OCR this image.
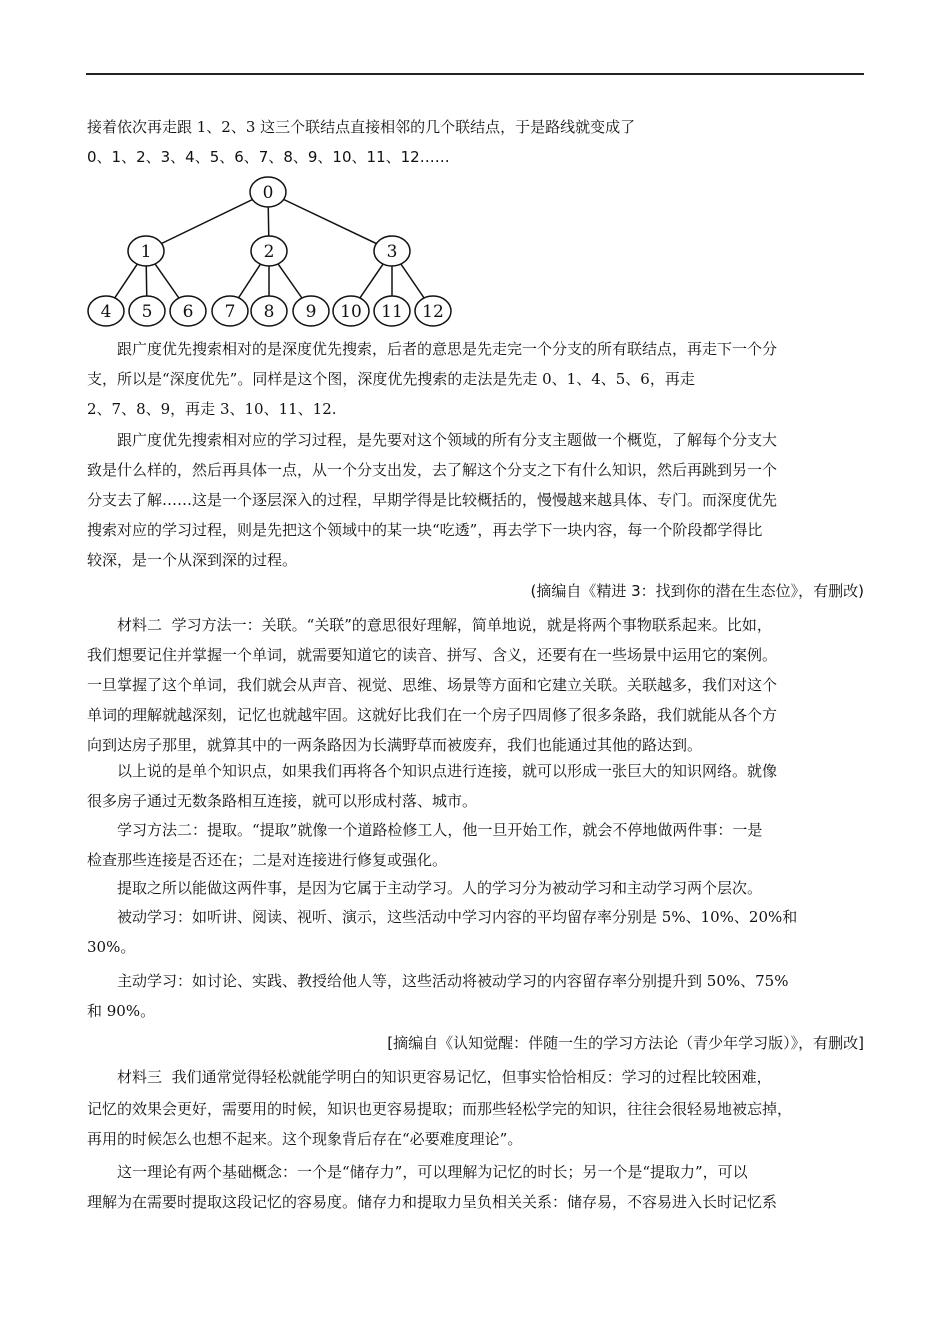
接着依次再走跟 1、2、3 这三个联结点直接相邻的几个联结点，于是路线就变成了

0、1、2、3、4、5、6、7、8、9、10、11、12……

0
1	2	3
4 5 6 7 8 9 10 11 12

跟广度优先搜索相对的是深度优先搜索，后者的意思是先走完一个分支的所有联结点，再走下一个分

支，所以是“深度优先”。同样是这个图，深度优先搜索的走法是先走 0、1、4、5、6，再走

2、7、8、9，再走 3、10、11、12.

跟广度优先搜索相对应的学习过程，是先要对这个领域的所有分支主题做一个概览，了解每个分支大

致是什么样的，然后再具体一点，从一个分支出发，去了解这个分支之下有什么知识，然后再跳到另一个

分支去了解……这是一个逐层深入的过程，早期学得是比较概括的，慢慢越来越具体、专门。而深度优先

搜索对应的学习过程，则是先把这个领域中的某一块“吃透”，再去学下一块内容，每一个阶段都学得比

较深，是一个从深到深的过程。

(摘编自《精进 3：找到你的潜在生态位》，有删改)

材料二 学习方法一：关联。“关联”的意思很好理解，简单地说，就是将两个事物联系起来。比如，

我们想要记住并掌握一个单词，就需要知道它的读音、拼写、含义，还要有在一些场景中运用它的案例。

一旦掌握了这个单词，我们就会从声音、视觉、思维、场景等方面和它建立关联。关联越多，我们对这个

单词的理解就越深刻，记忆也就越牢固。这就好比我们在一个房子四周修了很多条路，我们就能从各个方

向到达房子那里，就算其中的一两条路因为长满野草而被废弃，我们也能通过其他的路达到。

以上说的是单个知识点，如果我们再将各个知识点进行连接，就可以形成一张巨大的知识网络。就像

很多房子通过无数条路相互连接，就可以形成村落、城市。

学习方法二：提取。“提取”就像一个道路检修工人，他一旦开始工作，就会不停地做两件事：一是

检查那些连接是否还在；二是对连接进行修复或强化。

提取之所以能做这两件事，是因为它属于主动学习。人的学习分为被动学习和主动学习两个层次。

被动学习：如听讲、阅读、视听、演示，这些活动中学习内容的平均留存率分别是 5%、10%、20%和

30%。

主动学习：如讨论、实践、教授给他人等，这些活动将被动学习的内容留存率分别提升到 50%、75%

和 90%。

[摘编自《认知觉醒：伴随一生的学习方法论（青少年学习版）》，有删改]

材料三 我们通常觉得轻松就能学明白的知识更容易记忆，但事实恰恰相反：学习的过程比较困难，

记忆的效果会更好，需要用的时候，知识也更容易提取；而那些轻松学完的知识，往往会很轻易地被忘掉，

再用的时候怎么也想不起来。这个现象背后存在“必要难度理论”。

这一理论有两个基础概念：一个是“储存力”，可以理解为记忆的时长；另一个是“提取力”，可以

理解为在需要时提取这段记忆的容易度。储存力和提取力呈负相关关系：储存易，不容易进入长时记忆系
